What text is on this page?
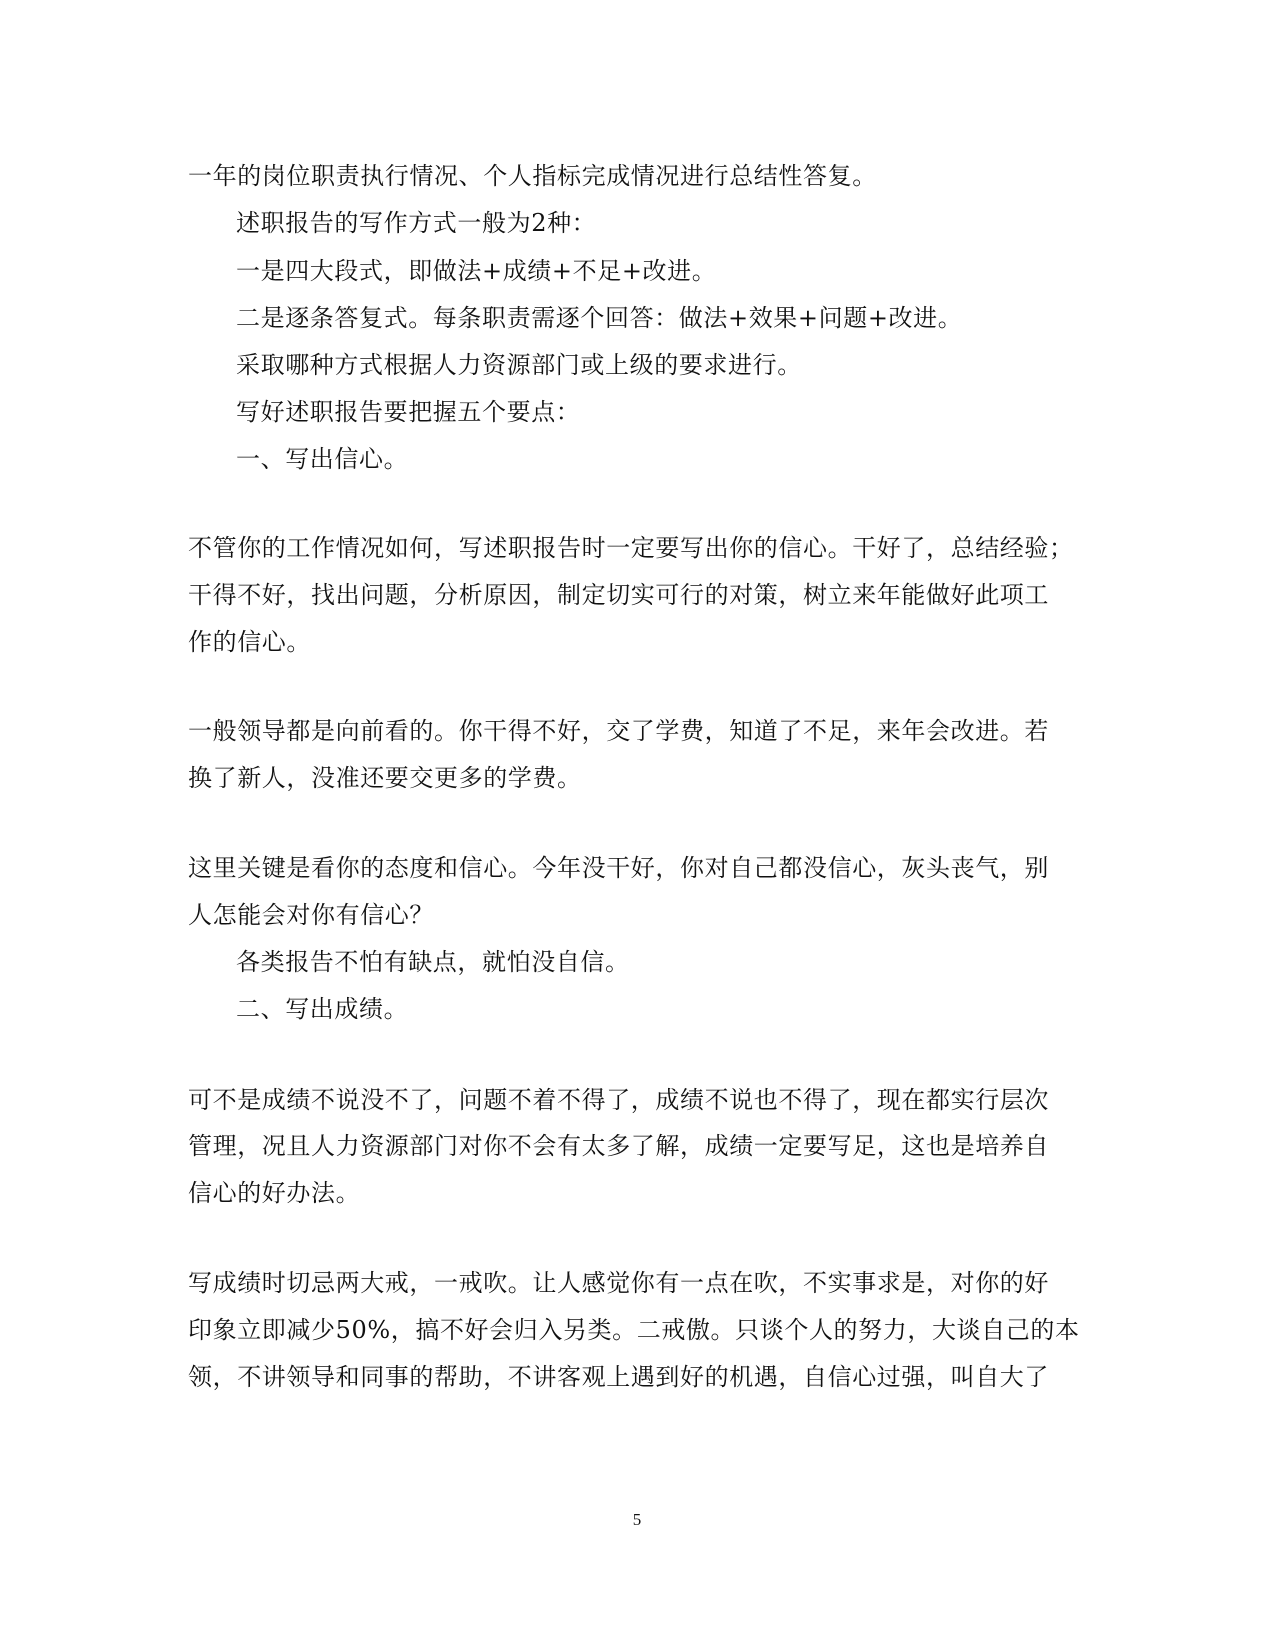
一年的岗位职责执行情况、个人指标完成情况进行总结性答复。
述职报告的写作方式一般为2种：
一是四大段式，即做法+成绩+不足+改进。
二是逐条答复式。每条职责需逐个回答：做法+效果+问题+改进。
采取哪种方式根据人力资源部门或上级的要求进行。
写好述职报告要把握五个要点：
一、写出信心。
不管你的工作情况如何，写述职报告时一定要写出你的信心。干好了，总结经验；
干得不好，找出问题，分析原因，制定切实可行的对策，树立来年能做好此项工
作的信心。
一般领导都是向前看的。你干得不好，交了学费，知道了不足，来年会改进。若
换了新人，没准还要交更多的学费。
这里关键是看你的态度和信心。今年没干好，你对自己都没信心，灰头丧气，别
人怎能会对你有信心？
各类报告不怕有缺点，就怕没自信。
二、写出成绩。
可不是成绩不说没不了，问题不着不得了，成绩不说也不得了，现在都实行层次
管理，况且人力资源部门对你不会有太多了解，成绩一定要写足，这也是培养自
信心的好办法。
写成绩时切忌两大戒，一戒吹。让人感觉你有一点在吹，不实事求是，对你的好
印象立即减少50%，搞不好会归入另类。二戒傲。只谈个人的努力，大谈自己的本
领，不讲领导和同事的帮助，不讲客观上遇到好的机遇，自信心过强，叫自大了
5
